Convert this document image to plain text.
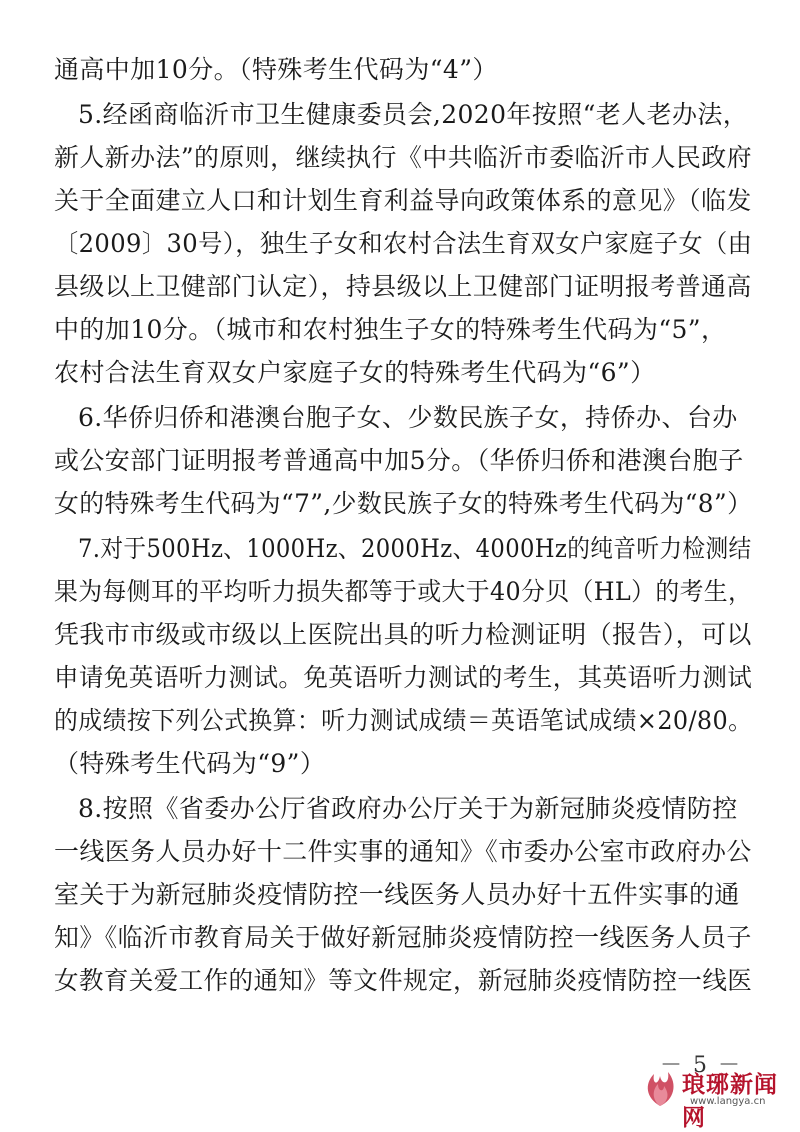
通高中加10分。（特殊考生代码为“4”）
5.经函商临沂市卫生健康委员会,2020年按照“老人老办法，
新人新办法”的原则，继续执行《中共临沂市委临沂市人民政府
关于全面建立人口和计划生育利益导向政策体系的意见》（临发
〔2009〕30号），独生子女和农村合法生育双女户家庭子女（由
县级以上卫健部门认定），持县级以上卫健部门证明报考普通高
中的加10分。（城市和农村独生子女的特殊考生代码为“5”，
农村合法生育双女户家庭子女的特殊考生代码为“6”）
6.华侨归侨和港澳台胞子女、少数民族子女，持侨办、台办
或公安部门证明报考普通高中加5分。（华侨归侨和港澳台胞子
女的特殊考生代码为“7”,少数民族子女的特殊考生代码为“8”）
7.对于500Hz、1000Hz、2000Hz、4000Hz的纯音听力检测结
果为每侧耳的平均听力损失都等于或大于40分贝（HL）的考生，
凭我市市级或市级以上医院出具的听力检测证明（报告），可以
申请免英语听力测试。免英语听力测试的考生，其英语听力测试
的成绩按下列公式换算：听力测试成绩＝英语笔试成绩×20/80。
（特殊考生代码为“9”）
8.按照《省委办公厅省政府办公厅关于为新冠肺炎疫情防控
一线医务人员办好十二件实事的通知》《市委办公室市政府办公
室关于为新冠肺炎疫情防控一线医务人员办好十五件实事的通
知》《临沂市教育局关于做好新冠肺炎疫情防控一线医务人员子
女教育关爱工作的通知》等文件规定，新冠肺炎疫情防控一线医
－ 5 －
琅琊新闻网
www.langya.cn
